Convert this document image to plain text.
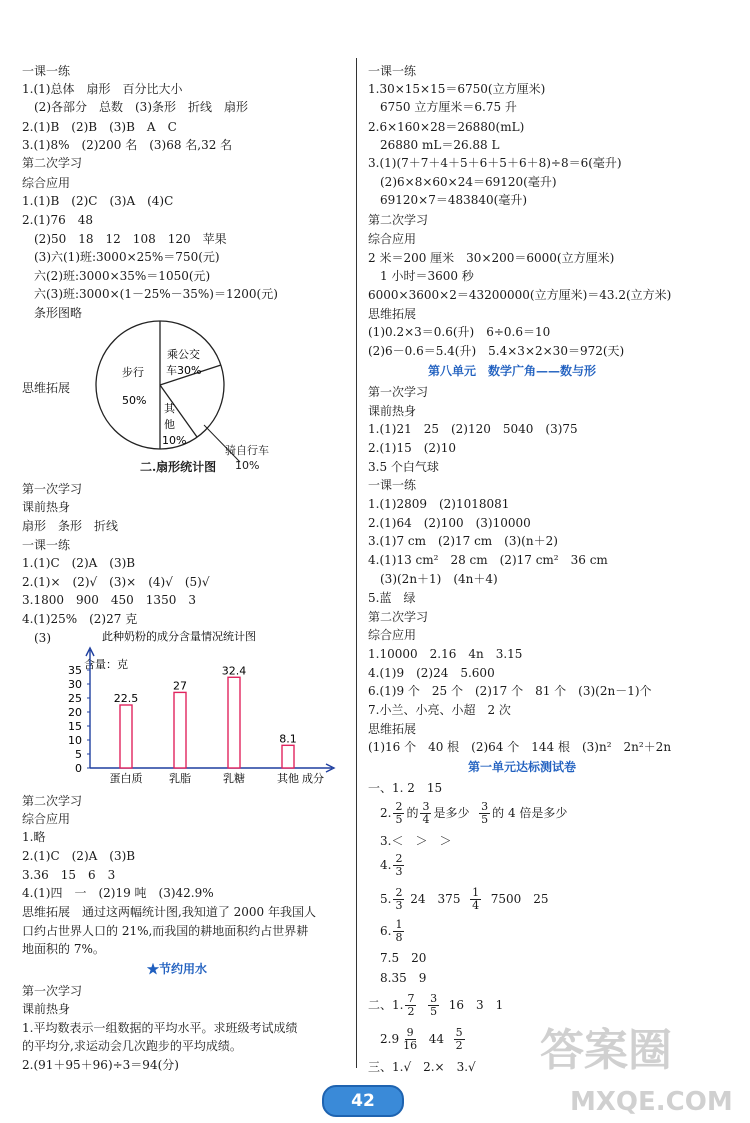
一课一练
1.(1)总体　扇形　百分比大小
(2)各部分　总数　(3)条形　折线　扇形
2.(1)B　(2)B　(3)B　A　C
3.(1)8%　(2)200 名　(3)68 名,32 名
第二次学习
综合应用
1.(1)B　(2)C　(3)A　(4)C
2.(1)76　48
(2)50　18　12　108　120　苹果
(3)六(1)班:3000×25%＝750(元)
六(2)班:3000×35%＝1050(元)
六(3)班:3000×(1－25%－35%)＝1200(元)
条形图略
思维拓展
乘公交
车30%
步行
50%
其
他
10%
骑自行车
10%
二.扇形统计图
第一次学习
课前热身
扇形　条形　折线
一课一练
1.(1)C　(2)A　(3)B
2.(1)×　(2)√　(3)×　(4)√　(5)√
3.1800　900　450　1350　3
4.(1)25%　(2)27 克
(3)	此种奶粉的成分含量情况统计图
含量：克
成分
0
5
10
15
20
25
30
35
22.5
蛋白质
27
乳脂
32.4
乳糖
8.1
其他
第二次学习
综合应用
1.略
2.(1)C　(2)A　(3)B
3.36　15　6　3
4.(1)四　一　(2)19 吨　(3)42.9%
思维拓展　通过这两幅统计图,我知道了 2000 年我国人
口约占世界人口的 21%,而我国的耕地面积约占世界耕
地面积的 7%。
★节约用水
第一次学习
课前热身
1.平均数表示一组数据的平均水平。求班级考试成绩
的平均分,求运动会几次跑步的平均成绩。
2.(91＋95＋96)÷3＝94(分)
一课一练
1.30×15×15＝6750(立方厘米)
6750 立方厘米＝6.75 升
2.6×160×28＝26880(mL)
26880 mL＝26.88 L
3.(1)(7＋7＋4＋5＋6＋5＋6＋8)÷8＝6(毫升)
(2)6×8×60×24＝69120(毫升)
69120×7＝483840(毫升)
第二次学习
综合应用
2 米＝200 厘米　30×200＝6000(立方厘米)
1 小时＝3600 秒
6000×3600×2＝43200000(立方厘米)＝43.2(立方米)
思维拓展
(1)0.2×3＝0.6(升)　6÷0.6＝10
(2)6－0.6＝5.4(升)　5.4×3×2×30＝972(天)
第八单元　数学广角——数与形
第一次学习
课前热身
1.(1)21　25　(2)120　5040　(3)75
2.(1)15　(2)10
3.5 个白气球
一课一练
1.(1)2809　(2)1018081
2.(1)64　(2)100　(3)10000
3.(1)7 cm　(2)17 cm　(3)(n＋2)
4.(1)13 cm²　28 cm　(2)17 cm²　36 cm
(3)(2n＋1)　(4n＋4)
5.蓝　绿
第二次学习
综合应用
1.10000　2.16　4n　3.15
4.(1)9　(2)24　5.600
6.(1)9 个　25 个　(2)17 个　81 个　(3)(2n－1)个
7.小兰、小亮、小超　2 次
思维拓展
(1)16 个　40 根　(2)64 个　144 根　(3)n²　2n²＋2n
第一单元达标测试卷
一、1. 2　15
2. $\frac{2}{5}$ 的 $\frac{3}{4}$ 是多少
$\frac{3}{5}$ 的 4 倍是多少
3.＜　＞　＞
4. $\frac{2}{3}$
5. $\frac{2}{3}$
24　375
$\frac{1}{4}$
7500　25
6. $\frac{1}{8}$
7.5　20
8.35　9
二、1. $\frac{7}{2}$
$\frac{3}{5}$
16　3　1
$2.9 \frac{9}{16}$
44
$\frac{5}{2}$
三、1.√　2.×　3.√ 答案圈
MXQE.COM
42
